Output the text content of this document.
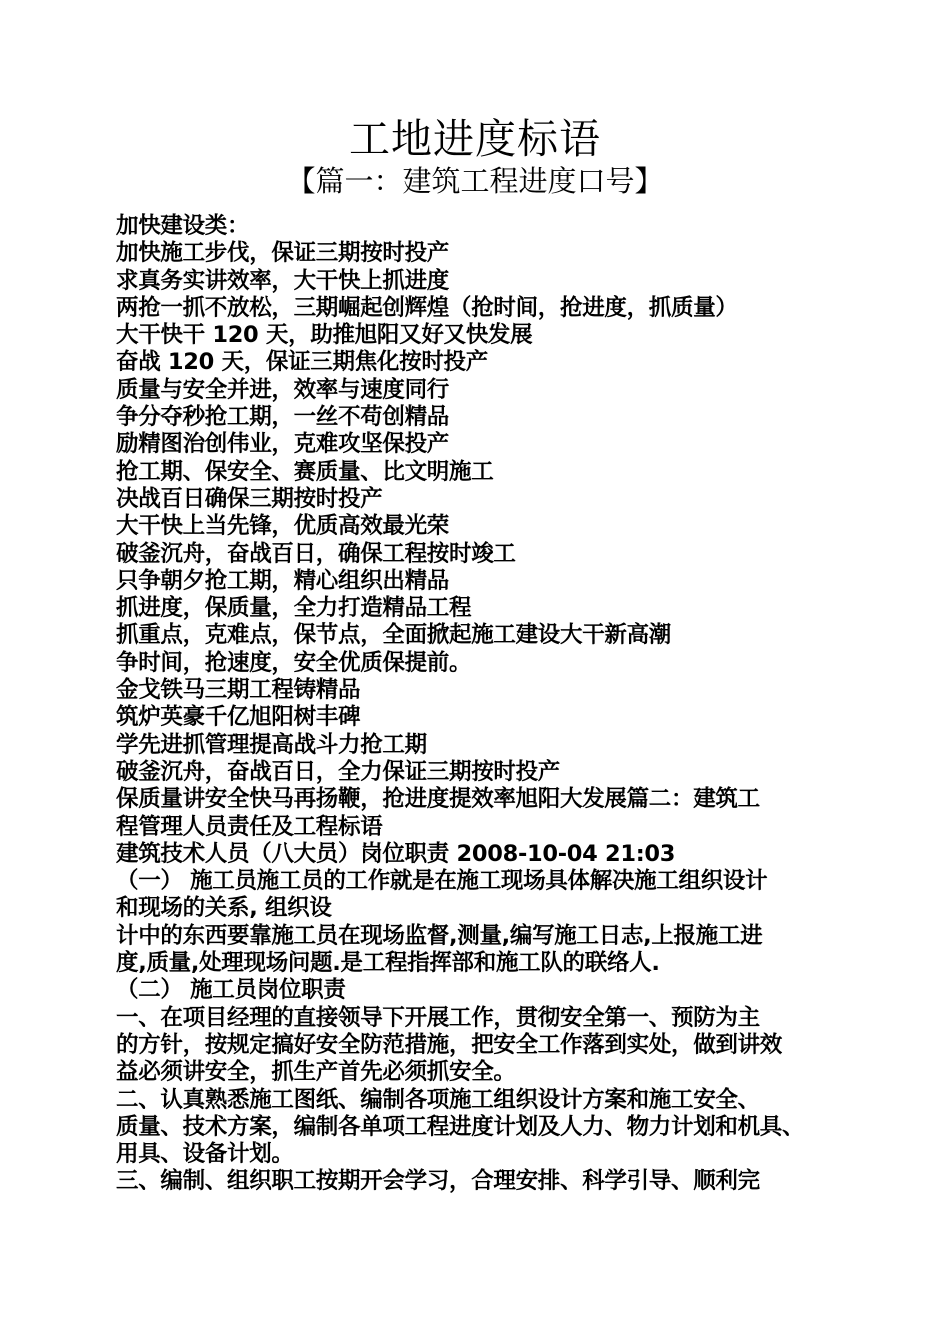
工地进度标语
【篇一：建筑工程进度口号】
加快建设类：
加快施工步伐，保证三期按时投产
求真务实讲效率，大干快上抓进度
两抢一抓不放松，三期崛起创辉煌（抢时间，抢进度，抓质量）
大干快干 120 天，助推旭阳又好又快发展
奋战 120 天，保证三期焦化按时投产
质量与安全并进，效率与速度同行
争分夺秒抢工期，一丝不苟创精品
励精图治创伟业，克难攻坚保投产
抢工期、保安全、赛质量、比文明施工
决战百日确保三期按时投产
大干快上当先锋，优质高效最光荣
破釜沉舟，奋战百日，确保工程按时竣工
只争朝夕抢工期，精心组织出精品
抓进度，保质量，全力打造精品工程
抓重点，克难点，保节点，全面掀起施工建设大干新高潮
争时间，抢速度，安全优质保提前。
金戈铁马三期工程铸精品
筑炉英豪千亿旭阳树丰碑
学先进抓管理提高战斗力抢工期
破釜沉舟，奋战百日，全力保证三期按时投产
保质量讲安全快马再扬鞭，抢进度提效率旭阳大发展篇二：建筑工
程管理人员责任及工程标语
建筑技术人员（八大员）岗位职责 2008-10-04 21:03
（一） 施工员施工员的工作就是在施工现场具体解决施工组织设计
和现场的关系, 组织设
计中的东西要靠施工员在现场监督,测量,编写施工日志,上报施工进
度,质量,处理现场问题.是工程指挥部和施工队的联络人.
（二） 施工员岗位职责
一、在项目经理的直接领导下开展工作，贯彻安全第一、预防为主
的方针，按规定搞好安全防范措施，把安全工作落到实处，做到讲效
益必须讲安全，抓生产首先必须抓安全。
二、认真熟悉施工图纸、编制各项施工组织设计方案和施工安全、
质量、技术方案，编制各单项工程进度计划及人力、物力计划和机具、
用具、设备计划。
三、编制、组织职工按期开会学习，合理安排、科学引导、顺利完
